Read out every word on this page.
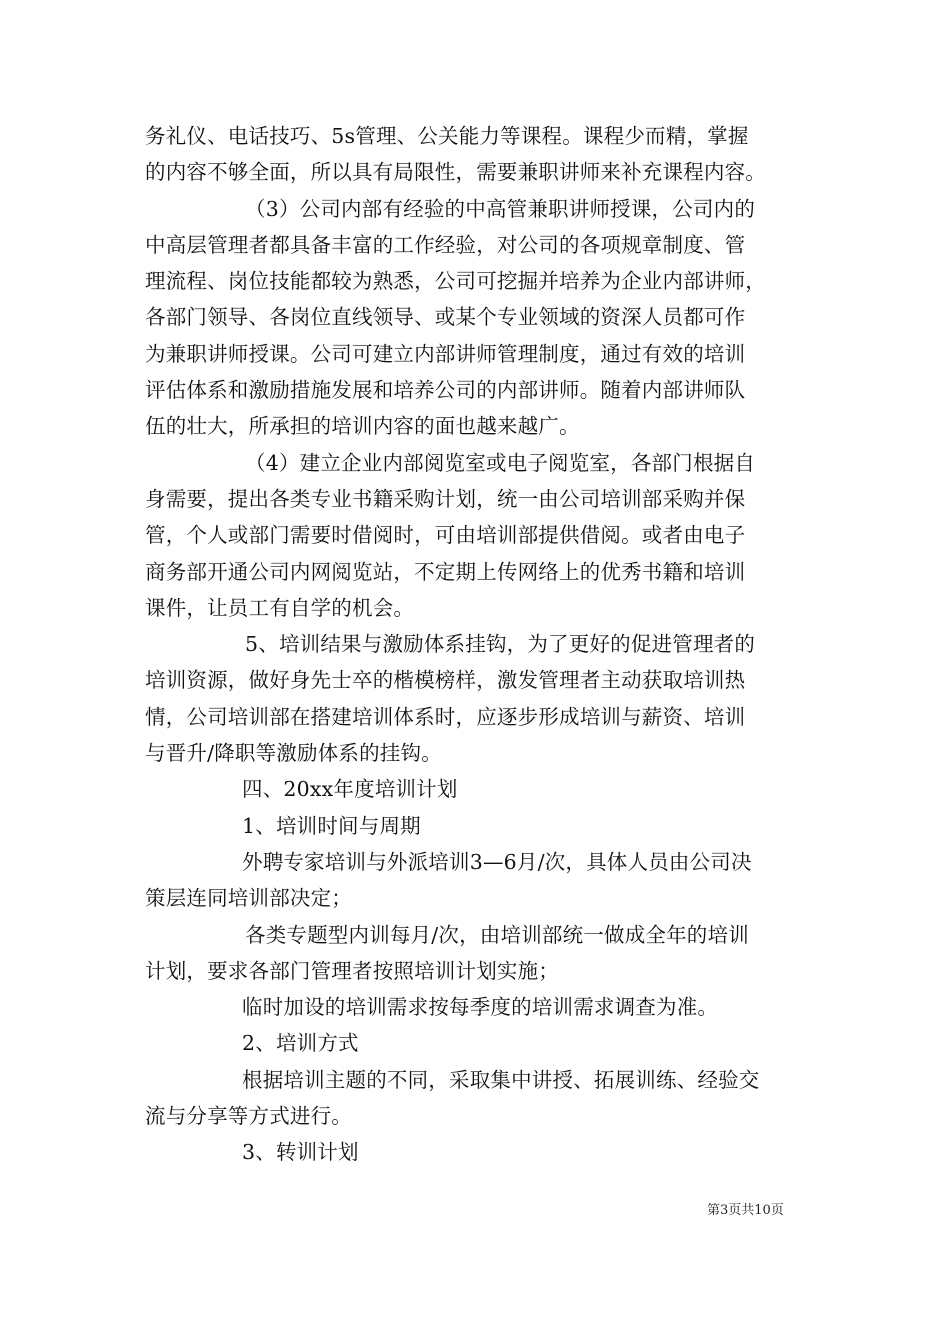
务礼仪、电话技巧、5s管理、公关能力等课程。课程少而精，掌握
的内容不够全面，所以具有局限性，需要兼职讲师来补充课程内容。
（3）公司内部有经验的中高管兼职讲师授课，公司内的
中高层管理者都具备丰富的工作经验，对公司的各项规章制度、管
理流程、岗位技能都较为熟悉，公司可挖掘并培养为企业内部讲师，
各部门领导、各岗位直线领导、或某个专业领域的资深人员都可作
为兼职讲师授课。公司可建立内部讲师管理制度，通过有效的培训
评估体系和激励措施发展和培养公司的内部讲师。随着内部讲师队
伍的壮大，所承担的培训内容的面也越来越广。
（4）建立企业内部阅览室或电子阅览室，各部门根据自
身需要，提出各类专业书籍采购计划，统一由公司培训部采购并保
管，个人或部门需要时借阅时，可由培训部提供借阅。或者由电子
商务部开通公司内网阅览站，不定期上传网络上的优秀书籍和培训
课件，让员工有自学的机会。
5、培训结果与激励体系挂钩，为了更好的促进管理者的
培训资源，做好身先士卒的楷模榜样，激发管理者主动获取培训热
情，公司培训部在搭建培训体系时，应逐步形成培训与薪资、培训
与晋升/降职等激励体系的挂钩。
四、20xx年度培训计划
1、培训时间与周期
外聘专家培训与外派培训3—6月/次，具体人员由公司决
策层连同培训部决定；
各类专题型内训每月/次，由培训部统一做成全年的培训
计划，要求各部门管理者按照培训计划实施；
临时加设的培训需求按每季度的培训需求调查为准。
2、培训方式
根据培训主题的不同，采取集中讲授、拓展训练、经验交
流与分享等方式进行。
3、转训计划
第3页共10页
